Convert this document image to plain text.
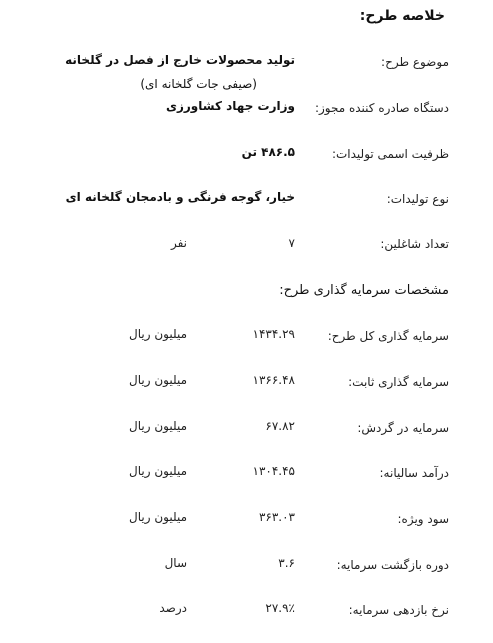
خلاصه طرح:
موضوع طرح:
تولید محصولات خارج از فصل در گلخانه
(صیفی جات گلخانه ای)
دستگاه صادره کننده مجوز:
وزارت جهاد کشاورزی
ظرفیت اسمی تولیدات:
۴۸۶.۵ تن
نوع تولیدات:
خیار، گوجه فرنگی و بادمجان گلخانه ای
تعداد شاغلین:
۷
نفر
مشخصات سرمایه گذاری طرح:
سرمایه گذاری کل طرح:
۱۴۳۴.۲۹
میلیون ریال
سرمایه گذاری ثابت:
۱۳۶۶.۴۸
میلیون ریال
سرمایه در گردش:
۶۷.۸۲
میلیون ریال
درآمد سالیانه:
۱۳۰۴.۴۵
میلیون ریال
سود ویژه:
۳۶۳.۰۳
میلیون ریال
دوره بازگشت سرمایه:
۳.۶
سال
نرخ بازدهی سرمایه:
۲۷.۹٪
درصد
